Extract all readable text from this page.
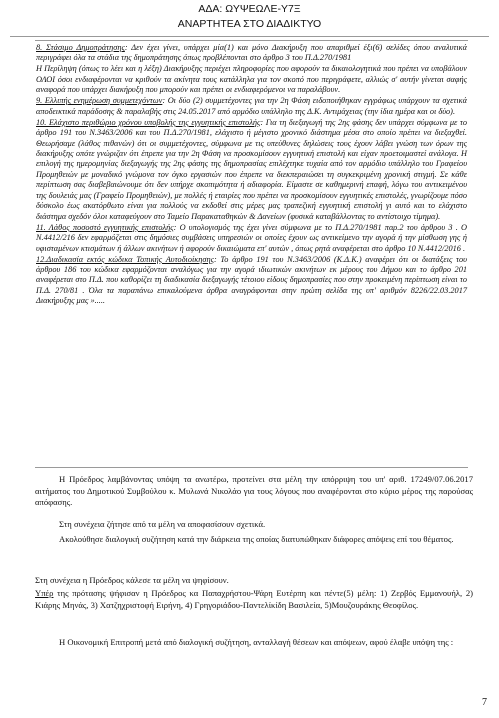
ΑΔΑ: ΩΥΨΕΩΛΕ-Υ7Ξ
ΑΝΑΡΤΗΤΕΑ ΣΤΟ ΔΙΑΔΙΚΤΥΟ

8. Στάσιμο Δημοπράτησης: Δεν έχει γίνει, υπάρχει μία(1) και μόνο Διακήρυξη που απαριθμεί έξι(6) σελίδες όπου αναλυτικά περιγράφει όλα τα στάδια της δημοπράτησης όπως προβλέπονται στο άρθρο 3 του Π.Δ.270/1981

Η Περίληψη (όπως το λέει και η λέξη) Διακήρυξης περιέχει πληροφορίες που αφορούν τα δικαιολογητικά που πρέπει να υποβάλουν ΟΛΟΙ όσοι ενδιαφέρονται να κριθούν τα ακίνητα τους κατάλληλα για τον σκοπό που περιγράφετε, αλλιώς σ' αυτήν γίνεται σαφής αναφορά που υπάρχει διακήρυξη που μπορούν και πρέπει οι ενδιαφερόμενοι να παραλάβουν.

9. Ελλιπής ενημέρωση συμμετεχόντων: Οι δύο (2) συμμετέχοντες για την 2η Φάση ειδοποιήθηκαν εγγράφως υπάρχουν τα σχετικά αποδεικτικά παράδοσης & παραλαβής στις 24.05.2017 από αρμόδιο υπάλληλο της Δ.Κ. Αντιμάχειας (την ίδια ημέρα και οι δύο).

10. Ελάχιστο περιθώριο χρόνου υποβολής της εγγυητικής επιστολής: Για τη διεξαγωγή της 2ης φάσης δεν υπάρχει σύμφωνα με το άρθρο 191 του Ν.3463/2006 και του Π.Δ.270/1981, ελάχιστο ή μέγιστο χρονικό διάστημα μέσα στο οποίο πρέπει να διεξαχθεί. Θεωρήσαμε (λάθος πιθανών) ότι οι συμμετέχοντες, σύμφωνα με τις υπεύθυνες δηλώσεις τους έχουν λάβει γνώση των όρων της διακήρυξης οπότε γνώριζαν ότι έπρεπε για την 2η Φάση να προσκομίσουν εγγυητική επιστολή και είχαν προετοιμαστεί ανάλογα. Η επιλογή της ημερομηνίας διεξαγωγής της 2ης φάσης της δημοπρασίας επιλέχτηκε τυχαία από τον αρμόδιο υπάλληλο του Γραφείου Προμηθειών με μοναδικό γνώμονα τον όγκο εργασιών που έπρεπε να διεκπεραιώσει τη συγκεκριμένη χρονική στιγμή. Σε κάθε περίπτωση σας διαβεβαιώνουμε ότι δεν υπήρχε σκοπιμότητα ή αδιαφορία. Είμαστε σε καθημερινή επαφή, λόγω του αντικειμένου της δουλειάς μας (Γραφείο Προμηθειών), με πολλές ή εταιρίες που πρέπει να προσκομίσουν εγγυητικές επιστολές, γνωρίζουμε πόσο δύσκολο έως ακατόρθωτο είναι για πολλούς να εκδοθεί στις μέρες μας τραπεζική εγγυητική επιστολή γι αυτό και το ελάχιστο διάστημα σχεδόν όλοι καταφεύγουν στο Ταμείο Παρακαταθηκών & Δανείων (φυσικά καταβάλλοντας το αντίστοιχο τίμημα).

11. Λάθος ποσοστό εγγυητικής επιστολής: Ο υπολογισμός της έχει γίνει σύμφωνα με το Π.Δ.270/1981 παρ.2 του άρθρου 3 . Ο Ν.4412/216 δεν εφαρμόζεται στις δημόσιες συμβάσεις υπηρεσιών οι οποίες έχουν ως αντικείμενο την αγορά ή την μίσθωση γης ή υφισταμένων κτισμάτων ή άλλων ακινήτων ή αφορούν δικαιώματα επ' αυτών , όπως ρητά αναφέρεται στο άρθρο 10 Ν.4412/2016 .

12.Διαδικασία εκτός κώδικα Τοπικής Αυτοδιοίκησης: Το άρθρο 191 του Ν.3463/2006 (Κ.Δ.Κ.) αναφέρει ότι οι διατάξεις του άρθρου 186 του κώδικα εφαρμόζονται αναλόγως για την αγορά ιδιωτικών ακινήτων εκ μέρους του Δήμου και το άρθρο 201 αναφέρεται στο Π.Δ. που καθορίζει τη διαδικασία διεξαγωγής τέτοιου είδους δημοπρασίες που στην προκειμένη περίπτωση είναι το Π.Δ. 270/81 . Όλα τα παραπάνω επικαλούμενα άρθρα αναγράφονται στην πρώτη σελίδα της υπ' αριθμόν 8226/22.03.2017 Διακήρυξης μας ».....

Η Πρόεδρος λαμβάνοντας υπόψη τα ανωτέρω, προτείνει στα μέλη την απόρριψη του υπ' αριθ. 17249/07.06.2017 αιτήματος του Δημοτικού Συμβούλου κ. Μυλωνά Νικολάο για τους λόγους που αναφέρονται στο κύριο μέρος της παρούσας απόφασης.

Στη συνέχεια ζήτησε από τα μέλη να αποφασίσουν σχετικά.

Ακολούθησε διαλογική συζήτηση κατά την διάρκεια της οποίας διατυπώθηκαν διάφορες απόψεις επί του θέματος.

Στη συνέχεια η Πρόεδρος κάλεσε τα μέλη να ψηφίσουν.

Υπέρ της πρότασης ψήφισαν η Πρόεδρος κα Παπαχρήστου-Ψάρη Ευτέρπη και πέντε(5) μέλη: 1) Ζερβός Εμμανουήλ, 2) Κιάρης Μηνάς, 3) Χατζηχριστοφή Ειρήνη, 4) Γρηγοριάδου-Παντελίκίδη Βασιλεία, 5)Μουζουράκης Θεοφίλος.

Η Οικονομική Επιτροπή μετά από διαλογική συζήτηση, ανταλλαγή θέσεων και απόψεων, αφού έλαβε υπόψη της :

7
